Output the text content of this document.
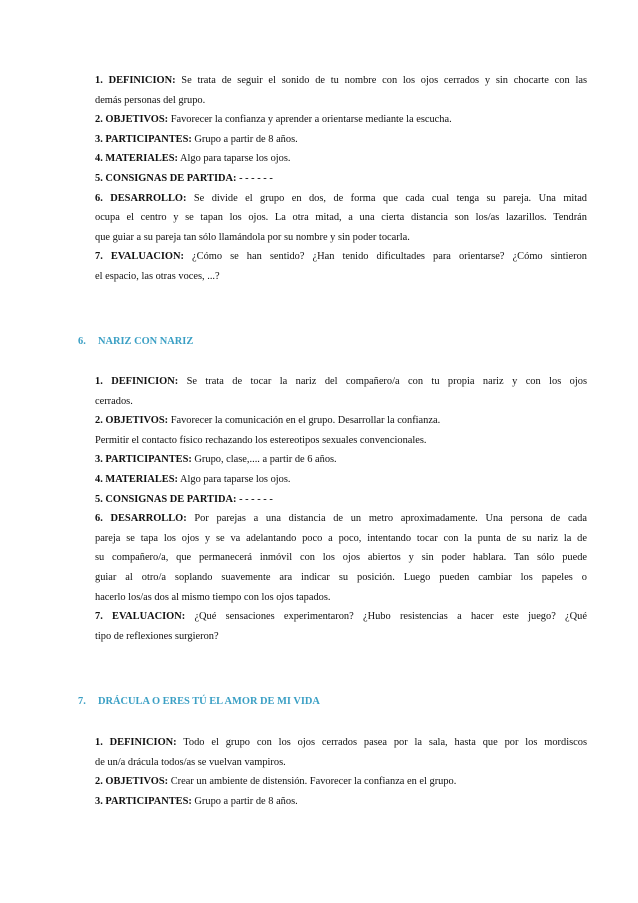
1. DEFINICION: Se trata de seguir el sonido de tu nombre con los ojos cerrados y sin chocarte con las
demás personas del grupo.
2. OBJETIVOS: Favorecer la confianza y aprender a orientarse mediante la escucha.
3. PARTICIPANTES: Grupo a partir de 8 años.
4. MATERIALES: Algo para taparse los ojos.
5. CONSIGNAS DE PARTIDA: - - - - - -
6. DESARROLLO: Se divide el grupo en dos, de forma que cada cual tenga su pareja. Una mitad
ocupa el centro y se tapan los ojos. La otra mitad, a una cierta distancia son los/as lazarillos. Tendrán
que guiar a su pareja tan sólo llamándola por su nombre y sin poder tocarla.
7. EVALUACION: ¿Cómo se han sentido? ¿Han tenido dificultades para orientarse? ¿Cómo sintieron
el espacio, las otras voces, ...?
6. NARIZ CON NARIZ
1. DEFINICION: Se trata de tocar la nariz del compañero/a con tu propia nariz y con los ojos
cerrados.
2. OBJETIVOS: Favorecer la comunicación en el grupo. Desarrollar la confianza.
Permitir el contacto físico rechazando los estereotipos sexuales convencionales.
3. PARTICIPANTES: Grupo, clase,.... a partir de 6 años.
4. MATERIALES: Algo para taparse los ojos.
5. CONSIGNAS DE PARTIDA: - - - - - -
6. DESARROLLO: Por parejas a una distancia de un metro aproximadamente. Una persona de cada
pareja se tapa los ojos y se va adelantando poco a poco, intentando tocar con la punta de su nariz la de
su compañero/a, que permanecerá inmóvil con los ojos abiertos y sin poder hablara. Tan sólo puede
guiar al otro/a soplando suavemente ara indicar su posición. Luego pueden cambiar los papeles o
hacerlo los/as dos al mismo tiempo con los ojos tapados.
7. EVALUACION: ¿Qué sensaciones experimentaron? ¿Hubo resistencias a hacer este juego? ¿Qué
tipo de reflexiones surgieron?
7. DRÁCULA O ERES TÚ EL AMOR DE MI VIDA
1. DEFINICION: Todo el grupo con los ojos cerrados pasea por la sala, hasta que por los mordiscos
de un/a drácula todos/as se vuelvan vampiros.
2. OBJETIVOS: Crear un ambiente de distensión. Favorecer la confianza en el grupo.
3. PARTICIPANTES: Grupo a partir de 8 años.
